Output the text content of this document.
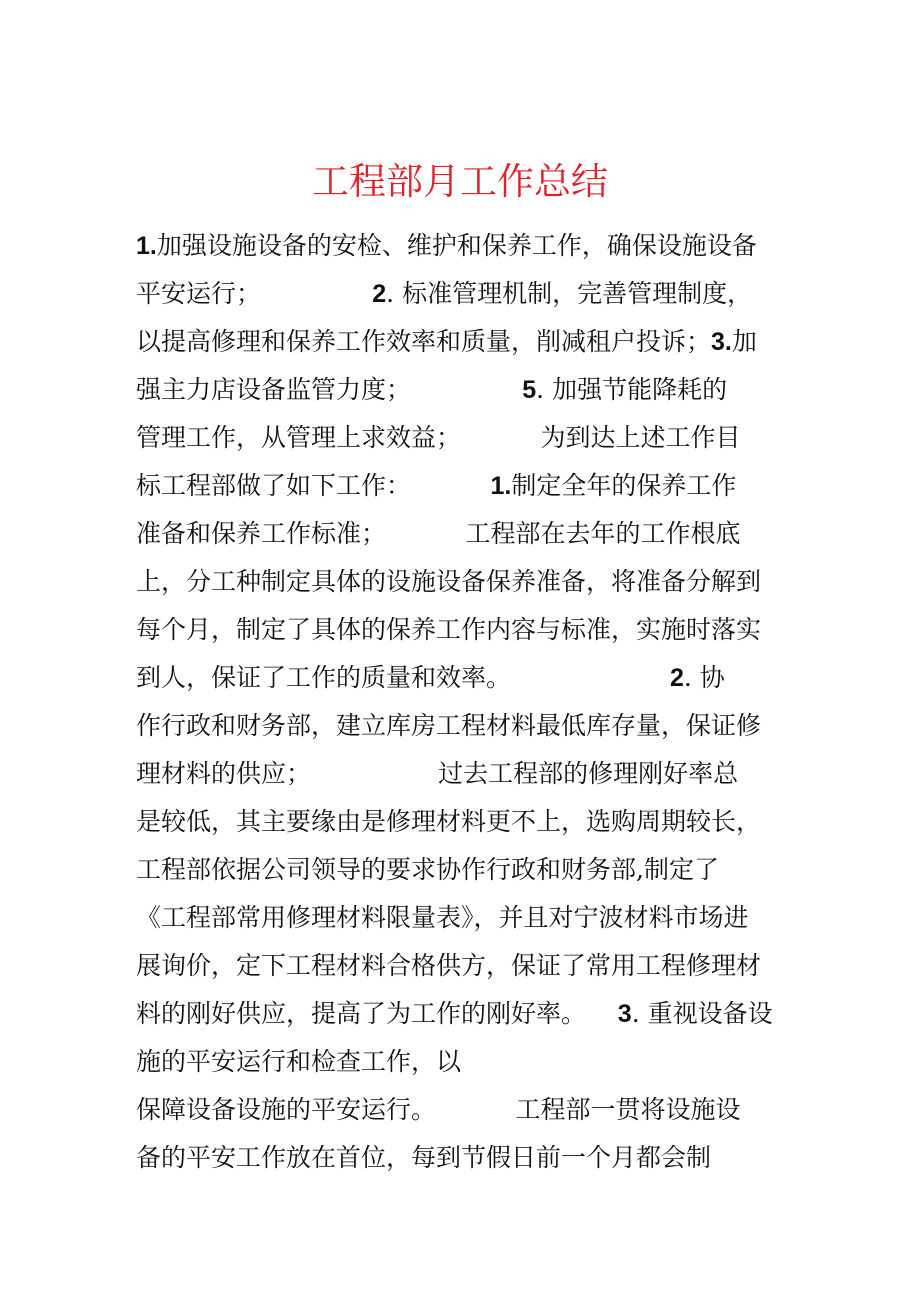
工程部月工作总结
1.加强设施设备的安检、维护和保养工作，确保设施设备
平安运行；              2. 标准管理机制，完善管理制度，
以提高修理和保养工作效率和质量，削减租户投诉；3.加
强主力店设备监管力度；              5. 加强节能降耗的
管理工作，从管理上求效益；          为到达上述工作目
标工程部做了如下工作：          1.制定全年的保养工作
准备和保养工作标准；          工程部在去年的工作根底
上，分工种制定具体的设施设备保养准备，将准备分解到
每个月，制定了具体的保养工作内容与标准，实施时落实
到人，保证了工作的质量和效率。                    2. 协
作行政和财务部，建立库房工程材料最低库存量，保证修
理材料的供应；                过去工程部的修理刚好率总
是较低，其主要缘由是修理材料更不上，选购周期较长，
工程部依据公司领导的要求协作行政和财务部,制定了
《工程部常用修理材料限量表》，并且对宁波材料市场进
展询价，定下工程材料合格供方，保证了常用工程修理材
料的刚好供应，提高了为工作的刚好率。    3. 重视设备设
施的平安运行和检查工作，以
保障设备设施的平安运行。          工程部一贯将设施设
备的平安工作放在首位，每到节假日前一个月都会制
